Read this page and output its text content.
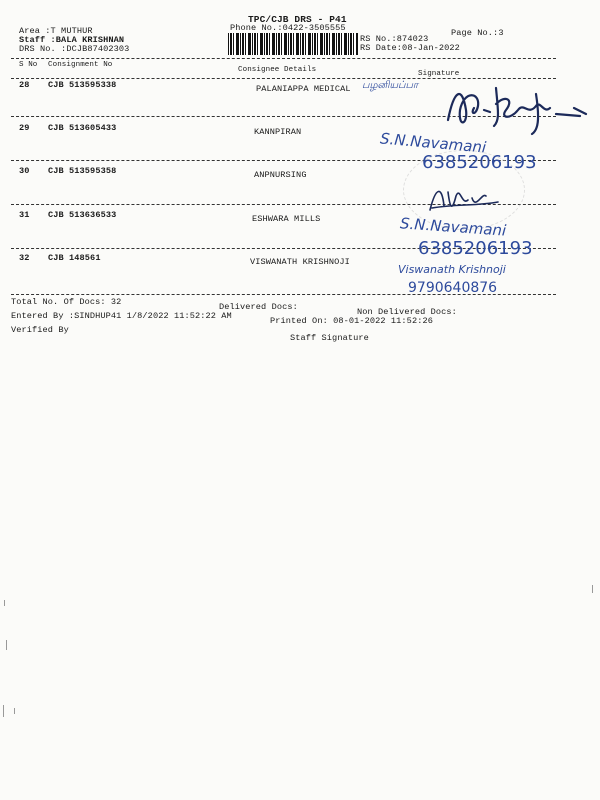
TPC/CJB DRS - P41
Phone No.:0422-3505555
Area :T MUTHUR
Staff :BALA KRISHNAN
DRS No. :DCJB87402303
Page No.:3
RS No.:874023
RS Date:08-Jan-2022
S No Consignment No
Consignee Details	Signature
28 CJB 513595338	PALANIAPPA MEDICAL
29 CJB 513605433	KANNPIRAN
30 CJB 513595358	ANPNURSING
31 CJB 513636533	ESHWARA MILLS
32 CJB 148561	VISWANATH KRISHNOJI
பழனியப்பா
S.N.Navamani
6385206193
S.N.Navamani
6385206193
Viswanath Krishnoji
9790640876
Total No. Of Docs: 32	Delivered Docs:	Non Delivered Docs:
Entered By :SINDHUP41 1/8/2022 11:52:22 AM	Printed On: 08-01-2022 11:52:26
Verified By
Staff Signature
